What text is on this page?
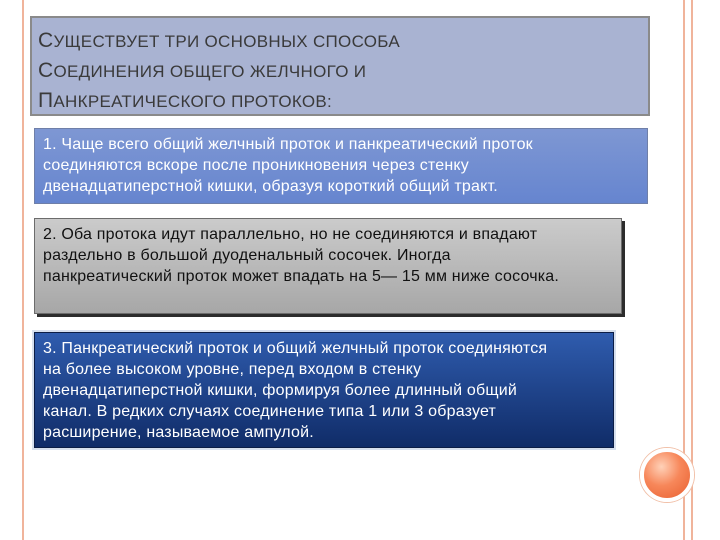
СУЩЕСТВУЕТ ТРИ ОСНОВНЫХ СПОСОБА
СОЕДИНЕНИЯ ОБЩЕГО ЖЕЛЧНОГО И
ПАНКРЕАТИЧЕСКОГО ПРОТОКОВ:
1. Чаще всего общий желчный проток и панкреатический проток
соединяются вскоре после проникновения через стенку
двенадцатиперстной кишки, образуя короткий общий тракт.
2. Оба протока идут параллельно, но не соединяются и впадают
раздельно в большой дуоденальный сосочек. Иногда
панкреатический проток может впадать на 5— 15 мм ниже сосочка.
3. Панкреатический проток и общий желчный проток соединяются
на более высоком уровне, перед входом в стенку
двенадцатиперстной кишки, формируя более длинный общий
канал. В редких случаях соединение типа 1 или 3 образует
расширение, называемое ампулой.
